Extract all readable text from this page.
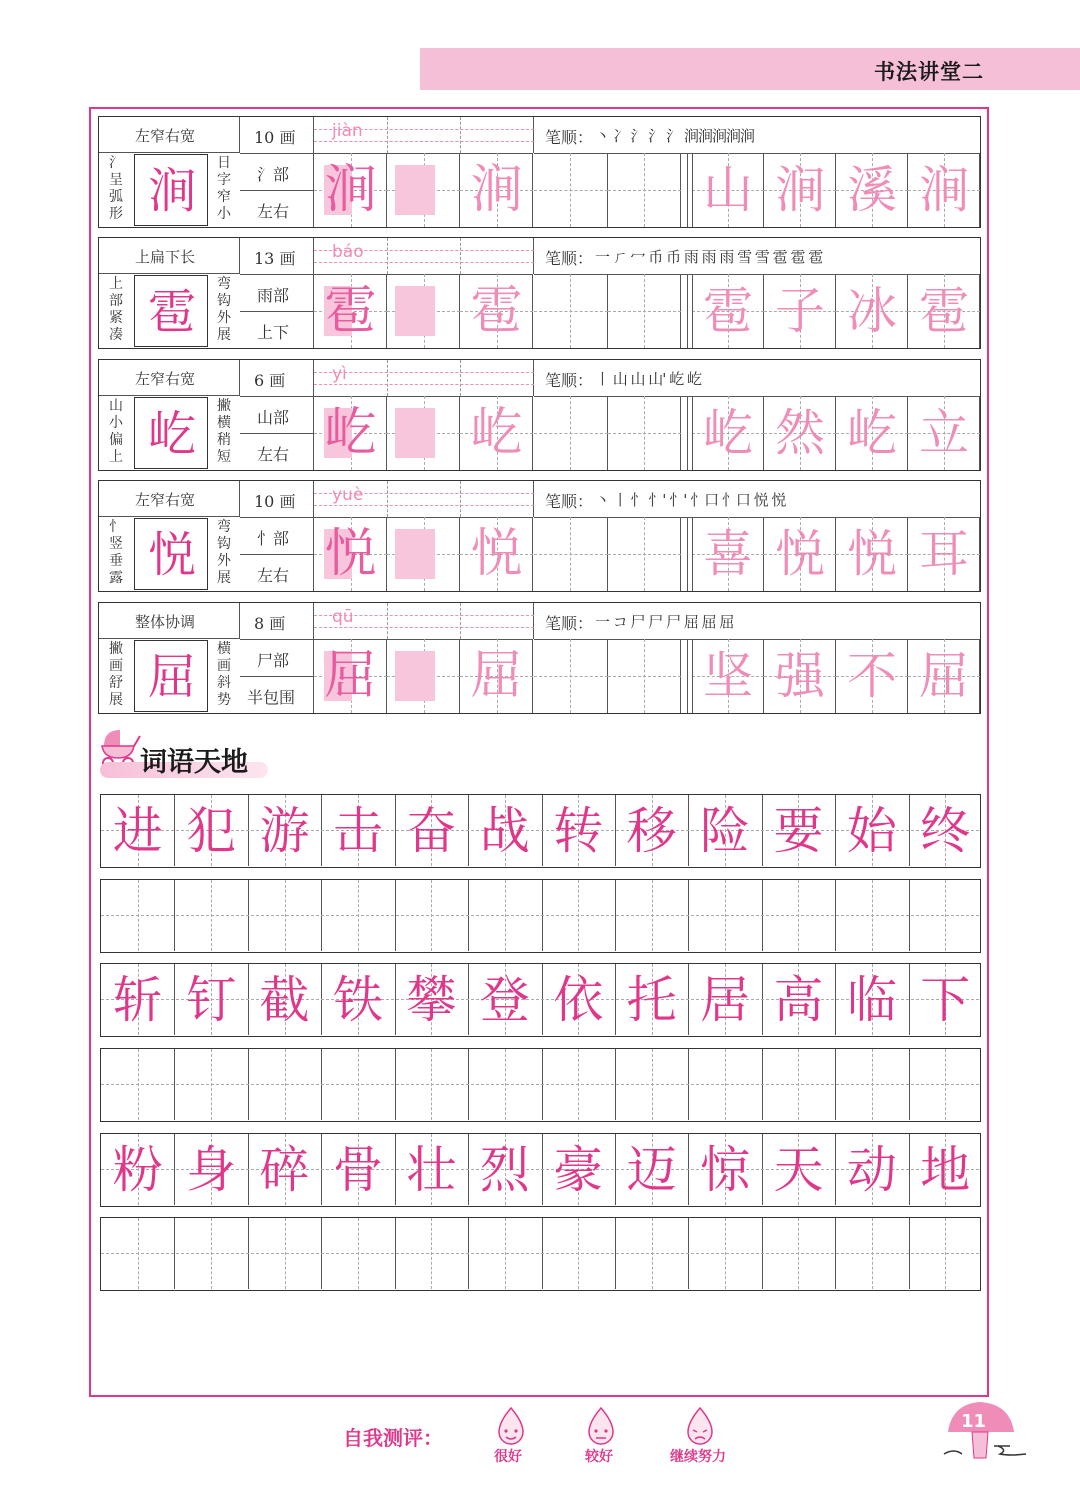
书法讲堂二
左窄右宽	10 画
氵部
左右
氵呈弧形
日字窄小
涧
jiàn
涧 涧
笔顺： 丶 冫 氵 氵 氵 涧涧涧涧涧
山 涧 溪 涧
上扁下长	13 画
雨部
上下
上部紧凑
弯钩外展
雹
báo
雹 雹
笔顺： 一 ㄏ 冖 币 币 雨 雨 雨 雪 雪 雹 雹 雹
雹 子 冰 雹
左窄右宽	6 画
山部
左右
山小偏上
撇横稍短
屹
yì
屹 屹
笔顺： 丨 山 山 山' 屹 屹
屹 然 屹 立
左窄右宽	10 画
忄部
左右
忄竖垂露
弯钩外展
悦
yuè
悦 悦
笔顺： 丶 丨 忄 忄' 忄' 忄口 忄口 悦 悦
喜 悦 悦 耳
整体协调	8 画
尸部
半包围
撇画舒展
横画斜势
屈
qū
屈 屈
笔顺： 一 コ 尸 尸 尸 屈 屈 屈
坚 强 不 屈
词语天地
进 犯 游 击 奋 战 转 移 险 要 始 终
斩 钉 截 铁 攀 登 依 托 居 高 临 下
粉 身 碎 骨 壮 烈 豪 迈 惊 天 动 地
自我测评：
很好	较好	继续努力
11
